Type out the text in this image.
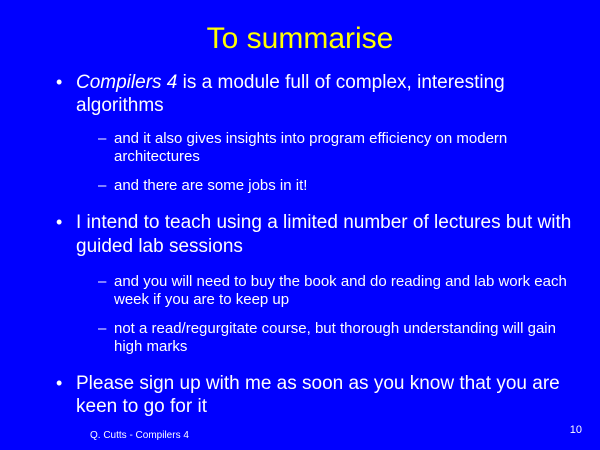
To summarise
• Compilers 4 is a module full of complex, interesting algorithms
– and it also gives insights into program efficiency on modern architectures
– and there are some jobs in it!
• I intend to teach using a limited number of lectures but with guided lab sessions
– and you will need to buy the book and do reading and lab work each week if you are to keep up
– not a read/regurgitate course, but thorough understanding will gain high marks
• Please sign up with me as soon as you know that you are keen to go for it
Q. Cutts - Compilers 4	10
